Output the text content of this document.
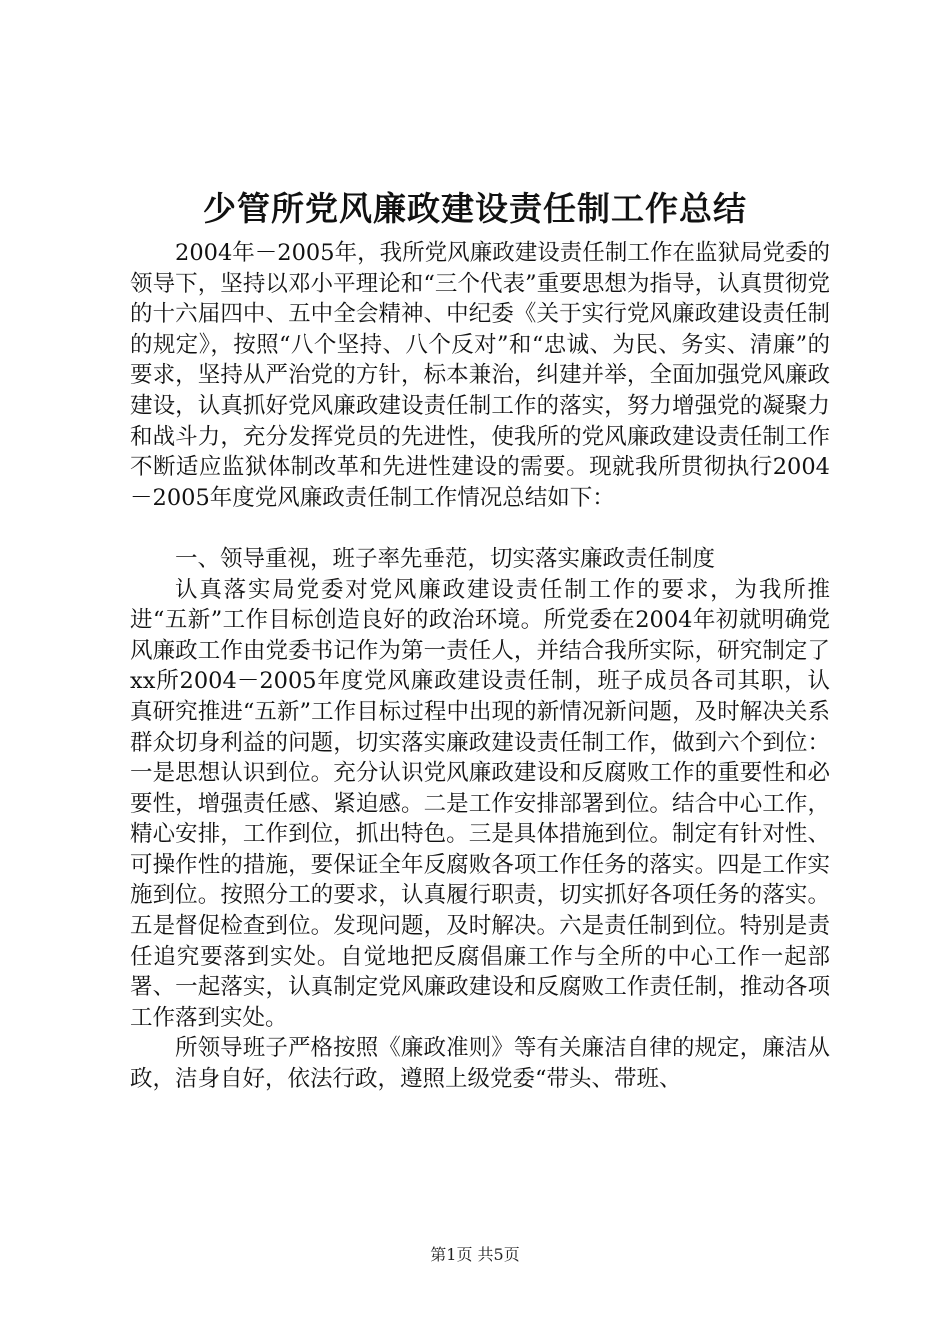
少管所党风廉政建设责任制工作总结

2004年－2005年，我所党风廉政建设责任制工作在监狱局党委的领导下，坚持以邓小平理论和“三个代表”重要思想为指导，认真贯彻党的十六届四中、五中全会精神、中纪委《关于实行党风廉政建设责任制的规定》，按照“八个坚持、八个反对”和“忠诚、为民、务实、清廉”的要求，坚持从严治党的方针，标本兼治，纠建并举，全面加强党风廉政建设，认真抓好党风廉政建设责任制工作的落实，努力增强党的凝聚力和战斗力，充分发挥党员的先进性，使我所的党风廉政建设责任制工作不断适应监狱体制改革和先进性建设的需要。现就我所贯彻执行2004－2005年度党风廉政责任制工作情况总结如下：

一、领导重视，班子率先垂范，切实落实廉政责任制度

认真落实局党委对党风廉政建设责任制工作的要求，为我所推进“五新”工作目标创造良好的政治环境。所党委在2004年初就明确党风廉政工作由党委书记作为第一责任人，并结合我所实际，研究制定了xx所2004－2005年度党风廉政建设责任制，班子成员各司其职，认真研究推进“五新”工作目标过程中出现的新情况新问题，及时解决关系群众切身利益的问题，切实落实廉政建设责任制工作，做到六个到位：一是思想认识到位。充分认识党风廉政建设和反腐败工作的重要性和必要性，增强责任感、紧迫感。二是工作安排部署到位。结合中心工作，精心安排，工作到位，抓出特色。三是具体措施到位。制定有针对性、可操作性的措施，要保证全年反腐败各项工作任务的落实。四是工作实施到位。按照分工的要求，认真履行职责，切实抓好各项任务的落实。五是督促检查到位。发现问题，及时解决。六是责任制到位。特别是责任追究要落到实处。自觉地把反腐倡廉工作与全所的中心工作一起部署、一起落实，认真制定党风廉政建设和反腐败工作责任制，推动各项工作落到实处。

所领导班子严格按照《廉政准则》等有关廉洁自律的规定，廉洁从政，洁身自好，依法行政，遵照上级党委“带头、带班、

第1页 共5页
